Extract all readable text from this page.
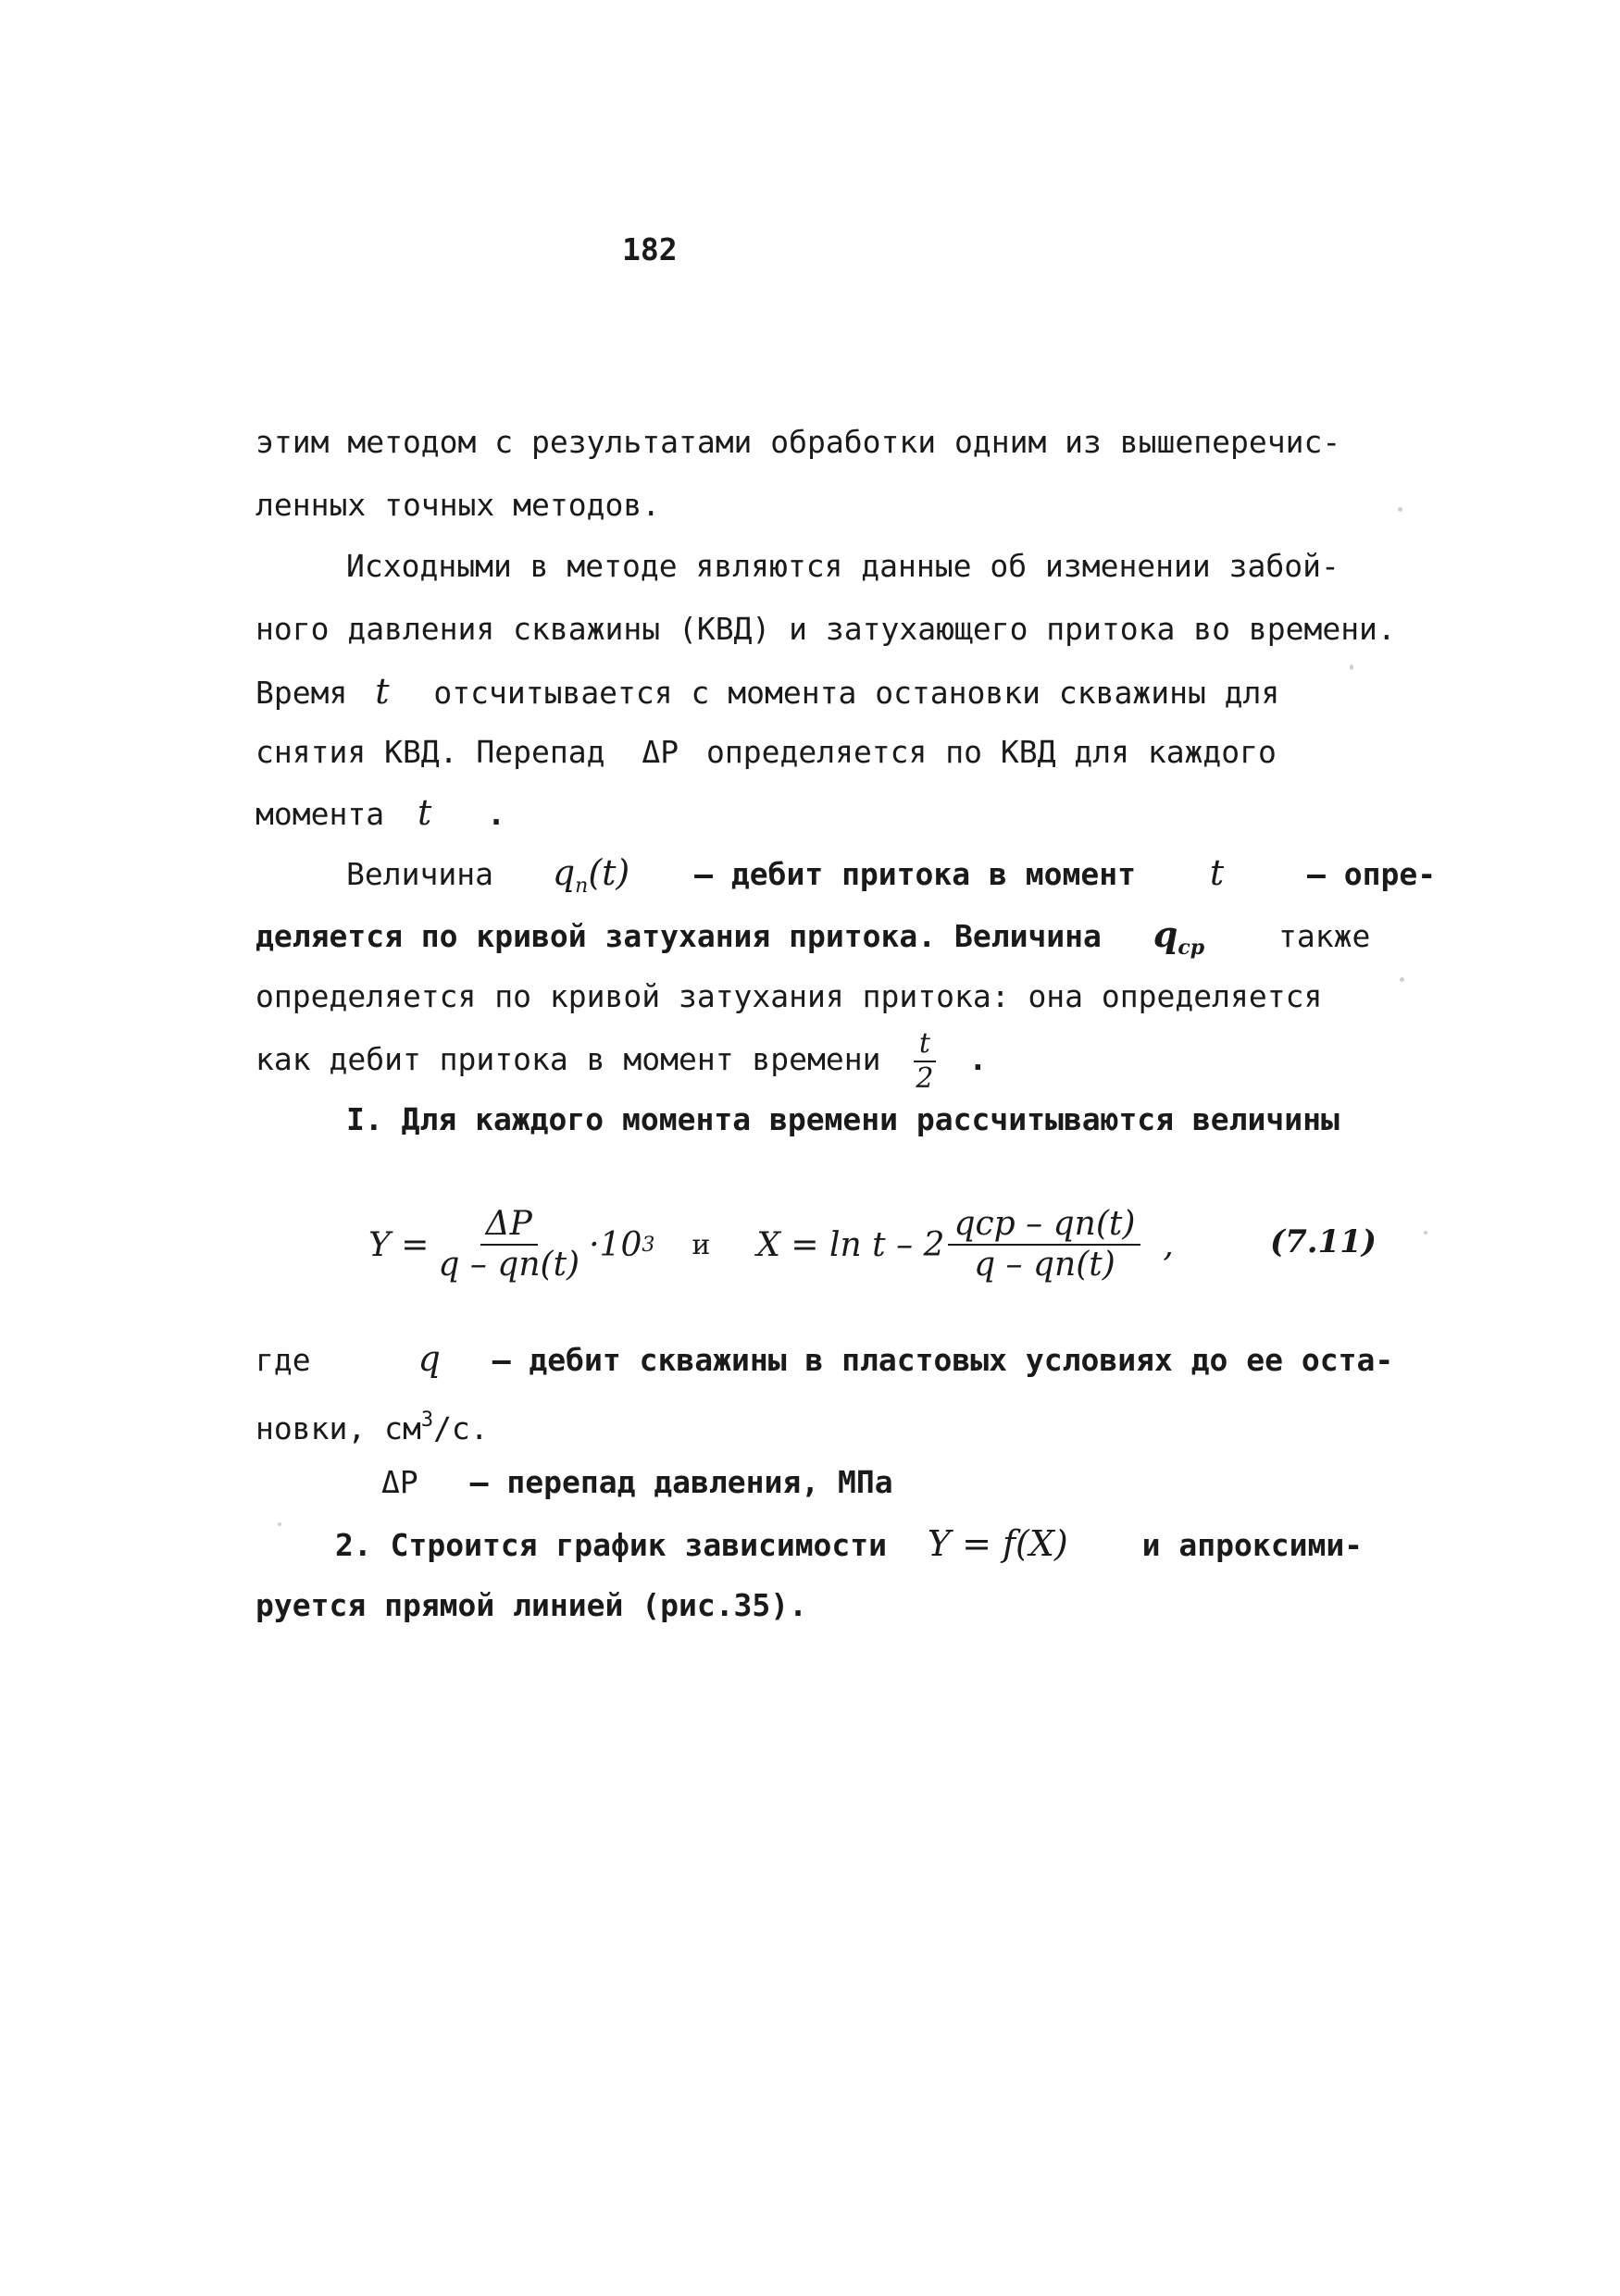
182
этим методом с результатами обработки одним из вышеперечис-
ленных точных методов.
Исходными в методе являются данные об изменении забой-
ного давления скважины (КВД) и затухающего притока во времени.
Время t отсчитывается с момента остановки скважины для
снятия КВД. Перепад ΔP определяется по КВД для каждого
момента t .
Величина $q_n(t)$ – дебит притока в момент t	– опре-
деляется по кривой затухания притока. Величина $q_{ср}$ также
определяется по кривой затухания притока: она определяется
как дебит притока в момент времени $\frac{t}{2}$ .
I. Для каждого момента времени рассчитываются величины
$Y = \frac{\Delta P}{q - qn(t)} \cdot 10$ 3 и $X = \ln t - 2 \frac{\text{qср – qn(t)}}{q - qn(t)}$ ,	(7.11)
где	q – дебит скважины в пластовых условиях до ее оста-
новки, $см^3/с$.
ΔP – перепад давления, МПа
2. Строится график зависимости Y = f(X) и апроксими-
руется прямой линией (рис.35).
